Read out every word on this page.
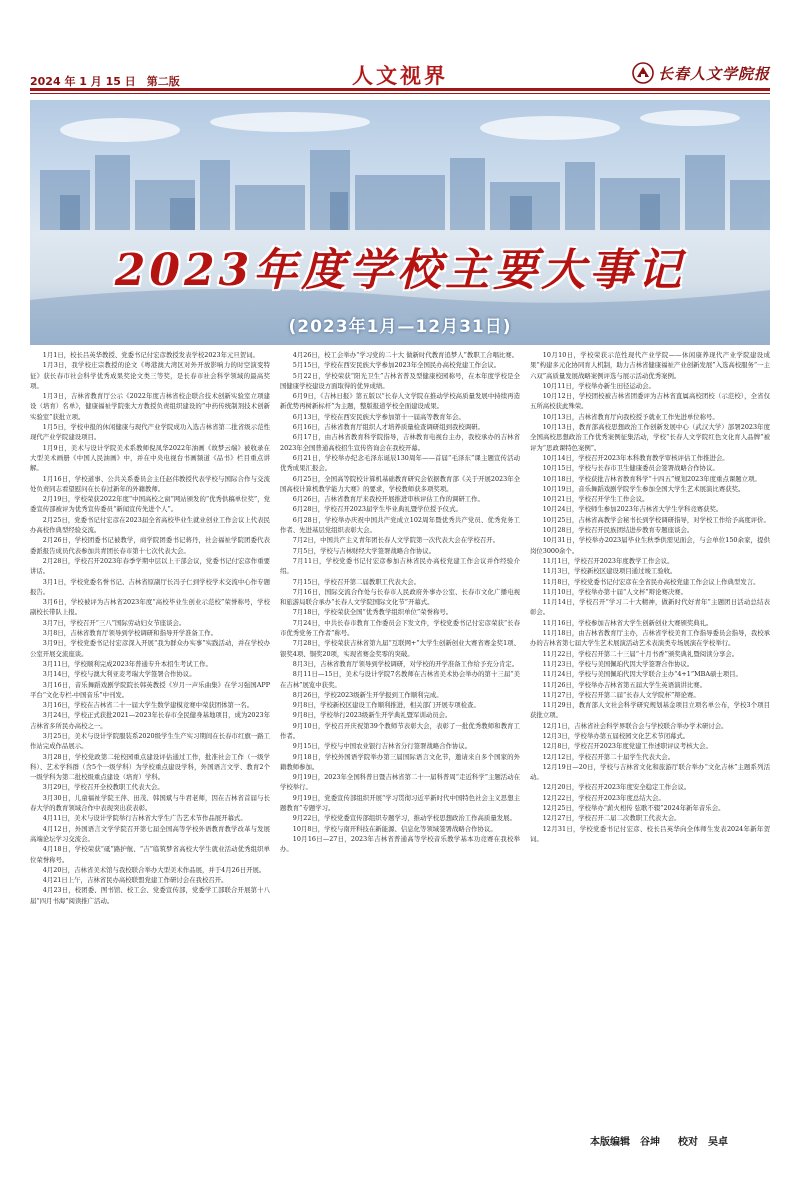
2024 年 1 月 15 日　第二版	人文视界	长春人文学院报
2023年度学校主要大事记
(2023年1月—12月31日)

1月1日，校长吕英华教授、党委书记付宏彦教授发表学校2023年元旦贺词。

1月3日，我学校庄宗教授的论文《粤港澳大湾区对外开放影响力的时空演变特征》获长春市社会科学优秀成果奖论文类三等奖，是长春市社会科学领域的最高奖项。

1月3日，吉林省教育厅公示《2022年度吉林省校企联合技术创新实验室立项建设（培育）名单》，健康福祉学院张大方教授负责组织建设的“中药传统制剂技术创新实验室”获批立项。

1月5日，学校申报的休闲健康与现代产业学院成功入选吉林省第二批省级示范性现代产业学院建设项目。

1月9日，美术与设计学院美术系教师倪凤华2022年油画《故梦云端》被收录在大型美术画册《中国人民油画》中，并在中央电视台书画频道《品书》栏目重点讲解。

1月16日，学校道事、公共关系委员会主任赵伟教授代表学校与国际合作与交流处负责同志看望慰问在长春过新年的外籍教师。

2月19日，学校荣获2022年度“中国高校之窗”网站颁发的“优秀供稿单位奖”，党委宣传部被评为优秀宣传委员“新闻宣传先进个人”。

2月25日，党委书记付宏彦在2023届全省高校毕业生就业创业工作会议上代表民办高校作典型经验交流。

2月26日，学校团委书记被教学，商学院团委书记蒋丹，社会福祉学院团委代表委派报告成员代表参加共青团长春市第十七次代表大会。

2月28日，学校召开2023年春季学期中层以上干部会议，党委书记付宏彦作重要讲话。

3月1日，学校党委名誉书记、吉林省原副厅长冯子仁到学校学术交流中心作专题报告。

3月6日，学校被评为吉林省2023年度“高校毕业生创业示范校”荣誉称号，学校副校长带队上报。

3月7日，学校召开“三八”国际劳动妇女节座谈会。

3月8日，吉林省教育厅领导到学校调研和指导开学准备工作。

3月9日，学校党委书记付宏彦深入开展“我为群众办实事”实践活动，并在学校办公室开展交流座谈。

3月11日，学校顺利完成2023年普通专升本招生考试工作。

3月14日，学校与澳大利亚麦考瑞大学签署合作协议。

3月16日，音乐舞蹈戏剧学院院长韩英教授《岁月一声乐曲集》在学习强国APP平台“文化专栏-中国音乐”中刊发。

3月16日，学校在吉林省二十一届大学生数学建模竞赛中荣获团体第一名。

3月24日，学校正式获批2021—2023年长春市全民健身基地项目，成为2023年吉林省多所民办高校之一。

3月25日，美术与设计学院服装系2020级学生生产实习期间在长春市红旗一路工作站完成作品展示。

3月28日，学校党政第二轮校园重点建设评估通过工作，批准社会工作（一级学科）、艺术学科群（含5个一级学科）为学校重点建设学科，外国语言文学、教育2个一级学科为第二批校级重点建设（培育）学科。

3月29日，学校召开全校教职工代表大会。

3月30日，儿童福祉学院王萍、田茂、韩国斌与牛君老师，因在吉林省首届与长春大学的教育领域合作中表现突出获表彰。

4月11日，美术与设计学院举行吉林省大学生广告艺术节作品展开幕式。

4月12日，外国语言文学学院召开第七届全国高等学校外语教育教学改革与发展高端论坛学习交流会。

4月18日，学校荣获“砥”路护航、“吉”临筑梦省高校大学生就业活动优秀组织单位荣誉称号。

4月20日，吉林省美术馆与我校联合举办大型美术作品展，并于4月26日开展。

4月21日上午，吉林省民办高校联盟党建工作研讨会在我校召开。

4月23日，校团委、图书馆、校工会、党委宣传部，党委学工部联合开展第十八届“四月书海”阅读推广活动。

4月26日，校工会举办“学习党的二十大 做新时代教育追梦人”教职工合唱比赛。

5月15日，学校在西安民族大学参加2023年全国民办高校党建工作会议。

5月22日，学校荣获“阳光卫生”吉林省普及型健康校园称号，在本年度学校是全国健康学校建设方面取得的优异成绩。

6月9日，《吉林日报》第五版以“长春人文学院在推动学校高质量发展中持续再造新优势再树新标杆”为主题，整版报道学校全面建设成果。

6月13日，学校在西安民族大学参加第十一届高等教育年会。

6月16日，吉林省教育厅组织人才培养质量检查调研组到我校调研。

6月17日，由吉林省教育科学院指导，吉林教育电视台主办，我校承办的吉林省2023年全国普通高校招生宣传咨询会在我校开幕。

6月21日，学校举办纪念毛泽东诞辰130周年——首届“毛泽东”课主题宣传活动优秀成果汇报会。

6月25日，全国高等院校计算机基础教育研究会依据教育部《关于开展2023年全国高校计算机教学能力大赛》的要求，学校教师获多项奖项。

6月26日，吉林省教育厅来我校开展推进审核评估工作的调研工作。

6月28日，学校召开2023届学生毕业典礼暨学位授予仪式。

6月28日，学校举办庆祝中国共产党成立102周年暨优秀共产党员、优秀党务工作者、先进基层党组织表彰大会。

7月2日，中国共产主义青年团长春人文学院第一次代表大会在学校召开。

7月5日，学校与吉林财经大学签署战略合作协议。

7月11日，学校党委书记付宏彦参加吉林省民办高校党建工作会议并作经验介绍。

7月15日，学校召开第二届教职工代表大会。

7月16日，国际交流合作处与长春市人民政府外事办公室、长春市文化广播电视和旅游局联合承办“长春人文学院国际文化节”开幕式。

7月18日，学校荣获全国“优秀教学组织单位”荣誉称号。

7月24日，中共长春市教育工作委员会下发文件，学校党委书记付宏彦荣获“长春市优秀党务工作者”称号。

7月28日，学校荣获吉林省第九届“互联网+”大学生创新创业大赛省赛金奖1项、银奖4项、铜奖20项，实现省赛金奖零的突破。

8月3日，吉林省教育厅领导到学校调研，对学校的开学准备工作给予充分肯定。

8月11日—15日，美术与设计学院7名教师在吉林省美术协会举办的第十三届“美在吉林”展览中获奖。

8月26日，学校2023级新生开学报到工作顺利完成。

9月8日，学校新校区建设工作顺利推进，相关部门开展专项检查。

9月8日，学校举行2023级新生开学典礼暨军训动员会。

9月10日，学校召开庆祝第39个教师节表彰大会，表彰了一批优秀教师和教育工作者。

9月15日，学校与中国农业银行吉林省分行签署战略合作协议。

9月18日，学校外国语学院举办第三届国际语言文化节，邀请来自多个国家的外籍教师参加。

9月19日，2023年全国科普日暨吉林省第二十一届科普周“走近科学”主题活动在学校举行。

9月19日，党委宣传部组织开展“学习贯彻习近平新时代中国特色社会主义思想主题教育”专题学习。

9月22日，学校党委宣传部组织专题学习，推动学校思想政治工作高质量发展。

10月8日，学校与南开科技在新能源、信息化等领域签署战略合作协议。

10月16日—27日，2023年吉林省普通高等学校音乐教学基本功竞赛在我校举办。

10月10日，学校荣获示范性现代产业学院——休闲康养现代产业学院建设成果“构建多元化协同育人机制，助力吉林省健康福祉产业创新发展”入选高校服务“一主六双”高质量发展战略案例评选与展示活动优秀案例。

10月11日，学校举办新生田径运动会。

10月12日，学校团校被吉林省团委评为吉林省直属高校团校（示范校），全省仅五所高校获此殊荣。

10月13日，吉林省教育厅向我校授予就业工作先进单位称号。

10月13日，教育部高校思想政治工作创新发展中心（武汉大学）部署2023年度全国高校思想政治工作优秀案例征集活动，学校“长春人文学院红色文化育人品牌”被评为“思政课特色案例”。

10月14日，学校召开2023年本科教育教学审核评估工作推进会。

10月15日，学校与长春市卫生健康委员会签署战略合作协议。

10月18日，学校获批吉林省教育科学“十四五”规划2023年度重点课题立项。

10月19日，音乐舞蹈戏剧学院学生参加全国大学生艺术展演比赛获奖。

10月21日，学校召开学生工作会议。

10月24日，学校师生参加2023年吉林省大学生学科竞赛获奖。

10月25日，吉林省高教学会秘书长到学校调研指导，对学校工作给予高度评价。

10月28日，学校召开民族团结进步教育专题座谈会。

10月31日，学校举办2023届毕业生秋季供需见面会，与会单位150余家，提供岗位3000余个。

11月1日，学校召开2023年度教学工作会议。

11月3日，学校新校区建设项目通过竣工验收。

11月8日，学校党委书记付宏彦在全省民办高校党建工作会议上作典型发言。

11月10日，学校举办第十届“人文杯”辩论赛决赛。

11月14日，学校召开“学习二十大精神，做新时代好青年”主题团日活动总结表彰会。

11月16日，学校参加吉林省大学生创新创业大赛颁奖典礼。

11月18日，由吉林省教育厅主办，吉林省学校美育工作指导委员会指导，我校承办的吉林省第七届大学生艺术展演活动艺术表演类专场展演在学校举行。

11月22日，学校召开第二十三届“十月书香”颁奖典礼暨阅读分享会。

11月23日，学校与美国佩珀代因大学签署合作协议。

11月24日，学校与美国佩珀代因大学联合主办“4+1”MBA硕士项目。

11月26日，学校举办吉林省第五届大学生英语演讲比赛。

11月27日，学校召开第二届“长春人文学院杯”辩论赛。

11月29日，教育部人文社会科学研究规划基金项目立项名单公布，学校3个项目获批立项。

12月1日，吉林省社会科学界联合会与学校联合举办学术研讨会。

12月3日，学校举办第五届校园文化艺术节闭幕式。

12月8日，学校召开2023年度党建工作述职评议考核大会。

12月12日，学校召开第二十届学生代表大会。

12月19日—20日，学校与吉林省文化和旅游厅联合举办“文化吉林”主题系列活动。

12月20日，学校召开2023年度安全稳定工作会议。

12月22日，学校召开2023年度总结大会。

12月25日，学校举办“薪火相传 弦歌不辍”2024年新年音乐会。

12月27日，学校召开二届二次教职工代表大会。

12月31日，学校党委书记付宏彦、校长吕英华向全体师生发表2024年新年贺词。

本版编辑　谷坤 校对　吴卓
